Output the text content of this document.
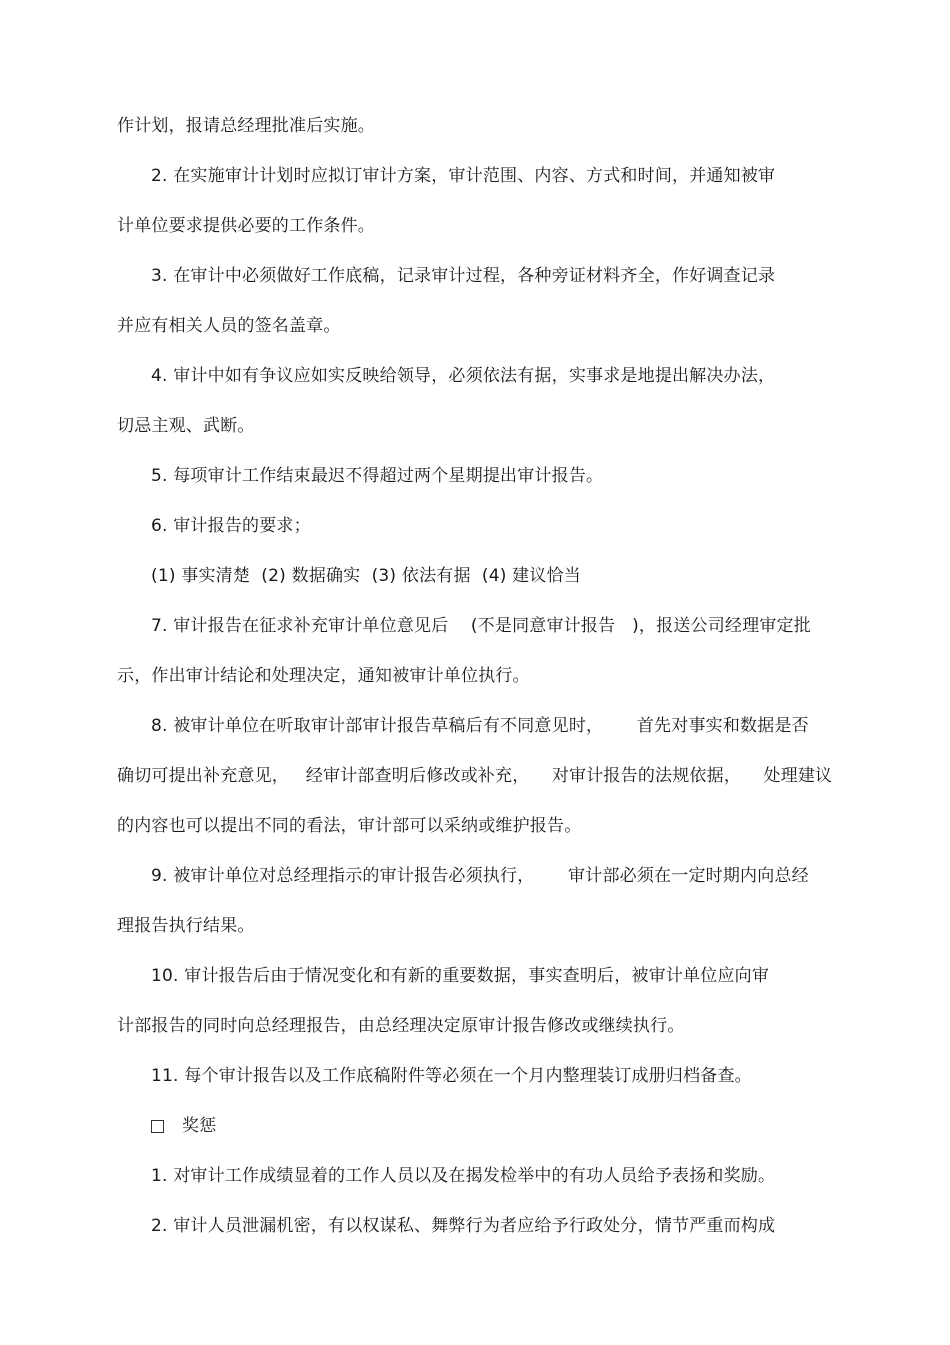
作计划，报请总经理批准后实施。
2. 在实施审计计划时应拟订审计方案，审计范围、内容、方式和时间，并通知被审
计单位要求提供必要的工作条件。
3. 在审计中必须做好工作底稿，记录审计过程，各种旁证材料齐全，作好调查记录
并应有相关人员的签名盖章。
4. 审计中如有争议应如实反映给领导，必须依法有据，实事求是地提出解决办法，
切忌主观、武断。
5. 每项审计工作结束最迟不得超过两个星期提出审计报告。
6. 审计报告的要求；
(1) 事实清楚  (2) 数据确实  (3) 依法有据  (4) 建议恰当
7. 审计报告在征求补充审计单位意见后    (不是同意审计报告   )，报送公司经理审定批
示，作出审计结论和处理决定，通知被审计单位执行。
8. 被审计单位在听取审计部审计报告草稿后有不同意见时，      首先对事实和数据是否
确切可提出补充意见，   经审计部查明后修改或补充，    对审计报告的法规依据，    处理建议
的内容也可以提出不同的看法，审计部可以采纳或维护报告。
9. 被审计单位对总经理指示的审计报告必须执行，      审计部必须在一定时期内向总经
理报告执行结果。
10. 审计报告后由于情况变化和有新的重要数据，事实查明后，被审计单位应向审
计部报告的同时向总经理报告，由总经理决定原审计报告修改或继续执行。
11. 每个审计报告以及工作底稿附件等必须在一个月内整理装订成册归档备查。
奖惩
1. 对审计工作成绩显着的工作人员以及在揭发检举中的有功人员给予表扬和奖励。
2. 审计人员泄漏机密，有以权谋私、舞弊行为者应给予行政处分，情节严重而构成
